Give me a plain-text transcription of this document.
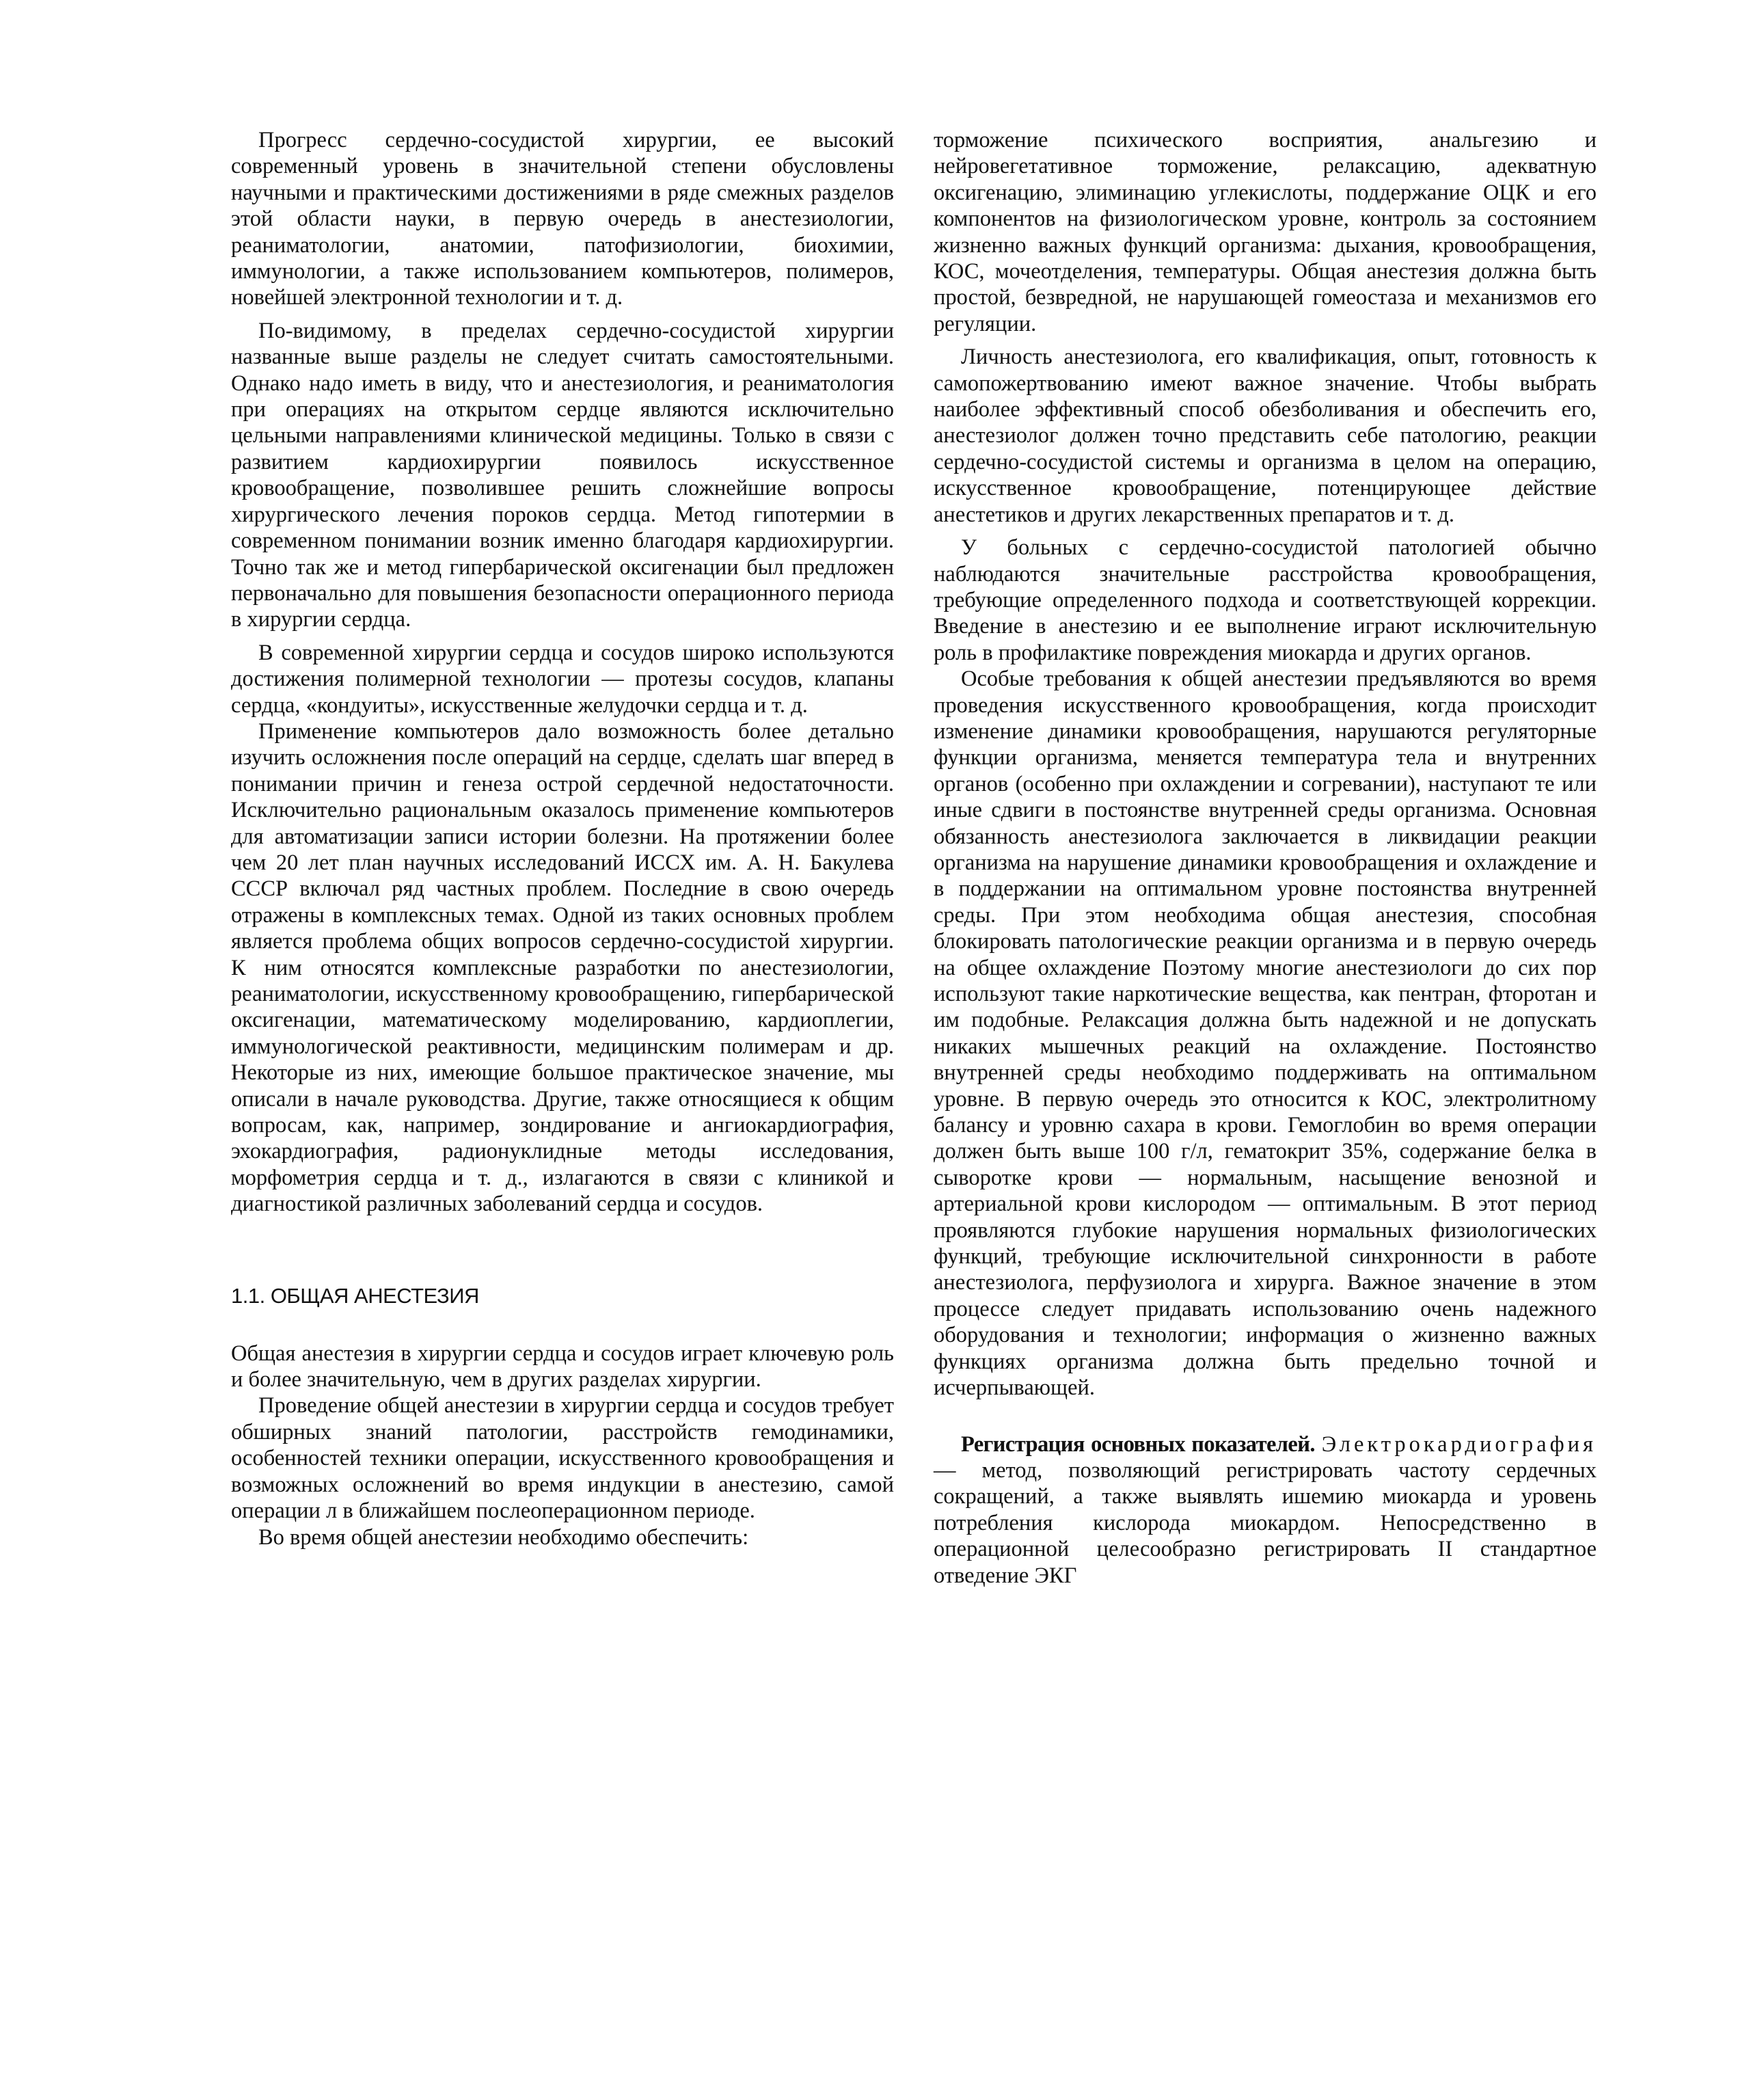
Прогресс сердечно-сосудистой хирургии, ее высокий современный уровень в значительной степени обусловлены научными и практическими достижениями в ряде смежных разделов этой области науки, в первую очередь в анестезиологии, реаниматологии, анатомии, патофизиологии, биохимии, иммунологии, а также использованием компьютеров, полимеров, новейшей электронной технологии и т. д.

По-видимому, в пределах сердечно-сосудистой хирургии названные выше разделы не следует считать самостоятельными. Однако надо иметь в виду, что и анестезиология, и реаниматология при операциях на открытом сердце являются исключительно цельными направлениями клинической медицины. Только в связи с развитием кардиохирургии появилось искусственное кровообращение, позволившее решить сложнейшие вопросы хирургического лечения пороков сердца. Метод гипотермии в современном понимании возник именно благодаря кардиохирургии. Точно так же и метод гипербарической оксигенации был предложен первоначально для повышения безопасности операционного периода в хирургии сердца.

В современной хирургии сердца и сосудов широко используются достижения полимерной технологии — протезы сосудов, клапаны сердца, «кондуиты», искусственные желудочки сердца и т. д.

Применение компьютеров дало возможность более детально изучить осложнения после операций на сердце, сделать шаг вперед в понимании причин и генеза острой сердечной недостаточности. Исключительно рациональным оказалось применение компьютеров для автоматизации записи истории болезни. На протяжении более чем 20 лет план научных исследований ИССХ им. А. Н. Бакулева СССР включал ряд частных проблем. Последние в свою очередь отражены в комплексных темах. Одной из таких основных проблем является проблема общих вопросов сердечно-сосудистой хирургии. К ним относятся комплексные разработки по анестезиологии, реаниматологии, искусственному кровообращению, гипербарической оксигенации, математическому моделированию, кардиоплегии, иммунологической реактивности, медицинским полимерам и др. Некоторые из них, имеющие большое практическое значение, мы описали в начале руководства. Другие, также относящиеся к общим вопросам, как, например, зондирование и ангиокардиография, эхокардиография, радионуклидные методы исследования, морфометрия сердца и т. д., излагаются в связи с клиникой и диагностикой различных заболеваний сердца и сосудов.

1.1. ОБЩАЯ АНЕСТЕЗИЯ

Общая анестезия в хирургии сердца и сосудов играет ключевую роль и более значительную, чем в других разделах хирургии.

Проведение общей анестезии в хирургии сердца и сосудов требует обширных знаний патологии, расстройств гемодинамики, особенностей техники операции, искусственного кровообращения и возможных осложнений во время индукции в анестезию, самой операции л в ближайшем послеоперационном периоде.

Во время общей анестезии необходимо обеспечить:

торможение психического восприятия, анальгезию и нейровегетативное торможение, релаксацию, адекватную оксигенацию, элиминацию углекислоты, поддержание ОЦК и его компонентов на физиологическом уровне, контроль за состоянием жизненно важных функций организма: дыхания, кровообращения, КОС, мочеотделения, температуры. Общая анестезия должна быть простой, безвредной, не нарушающей гомеостаза и механизмов его регуляции.

Личность анестезиолога, его квалификация, опыт, готовность к самопожертвованию имеют важное значение. Чтобы выбрать наиболее эффективный способ обезболивания и обеспечить его, анестезиолог должен точно представить себе патологию, реакции сердечно-сосудистой системы и организма в целом на операцию, искусственное кровообращение, потенцирующее действие анестетиков и других лекарственных препаратов и т. д.

У больных с сердечно-сосудистой патологией обычно наблюдаются значительные расстройства кровообращения, требующие определенного подхода и соответствующей коррекции. Введение в анестезию и ее выполнение играют исключительную роль в профилактике повреждения миокарда и других органов.

Особые требования к общей анестезии предъявляются во время проведения искусственного кровообращения, когда происходит изменение динамики кровообращения, нарушаются регуляторные функции организма, меняется температура тела и внутренних органов (особенно при охлаждении и согревании), наступают те или иные сдвиги в постоянстве внутренней среды организма. Основная обязанность анестезиолога заключается в ликвидации реакции организма на нарушение динамики кровообращения и охлаждение и в поддержании на оптимальном уровне постоянства внутренней среды. При этом необходима общая анестезия, способная блокировать патологические реакции организма и в первую очередь на общее охлаждение Поэтому многие анестезиологи до сих пор используют такие наркотические вещества, как пентран, фторотан и им подобные. Релаксация должна быть надежной и не допускать никаких мышечных реакций на охлаждение. Постоянство внутренней среды необходимо поддерживать на оптимальном уровне. В первую очередь это относится к КОС, электролитному балансу и уровню сахара в крови. Гемоглобин во время операции должен быть выше 100 г/л, гематокрит 35%, содержание белка в сыворотке крови — нормальным, насыщение венозной и артериальной крови кислородом — оптимальным. В этот период проявляются глубокие нарушения нормальных физиологических функций, требующие исключительной синхронности в работе анестезиолога, перфузиолога и хирурга. Важное значение в этом процессе следует придавать использованию очень надежного оборудования и технологии; информация о жизненно важных функциях организма должна быть предельно точной и исчерпывающей.

Регистрация основных показателей. Электрокардиография — метод, позволяющий регистрировать частоту сердечных сокращений, а также выявлять ишемию миокарда и уровень потребления кислорода миокардом. Непосредственно в операционной целесообразно регистрировать II стандартное отведение ЭКГ
